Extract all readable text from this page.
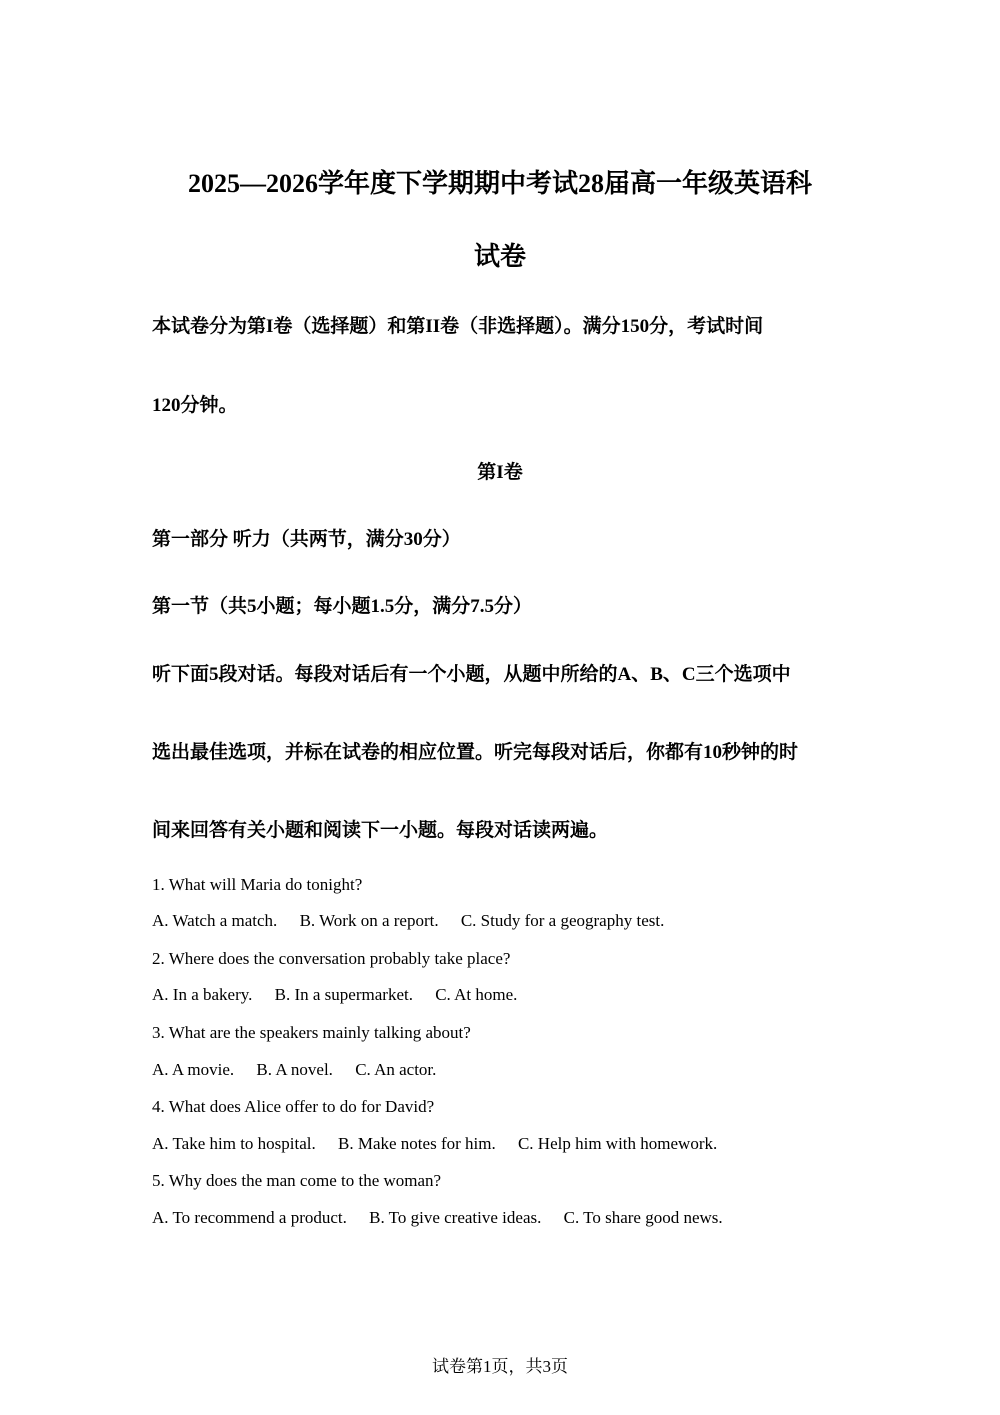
2025—2026学年度下学期期中考试28届高一年级英语科
试卷
本试卷分为第I卷（选择题）和第II卷（非选择题）。满分150分，考试时间
120分钟。
第I卷
第一部分 听力（共两节，满分30分）
第一节（共5小题；每小题1.5分，满分7.5分）
听下面5段对话。每段对话后有一个小题，从题中所给的A、B、C三个选项中
选出最佳选项，并标在试卷的相应位置。听完每段对话后，你都有10秒钟的时
间来回答有关小题和阅读下一小题。每段对话读两遍。
1. What will Maria do tonight?
A. Watch a match. B. Work on a report. C. Study for a geography test.
2. Where does the conversation probably take place?
A. In a bakery. B. In a supermarket. C. At home.
3. What are the speakers mainly talking about?
A. A movie. B. A novel. C. An actor.
4. What does Alice offer to do for David?
A. Take him to hospital. B. Make notes for him. C. Help him with homework.
5. Why does the man come to the woman?
A. To recommend a product. B. To give creative ideas. C. To share good news.
试卷第1页，共3页
